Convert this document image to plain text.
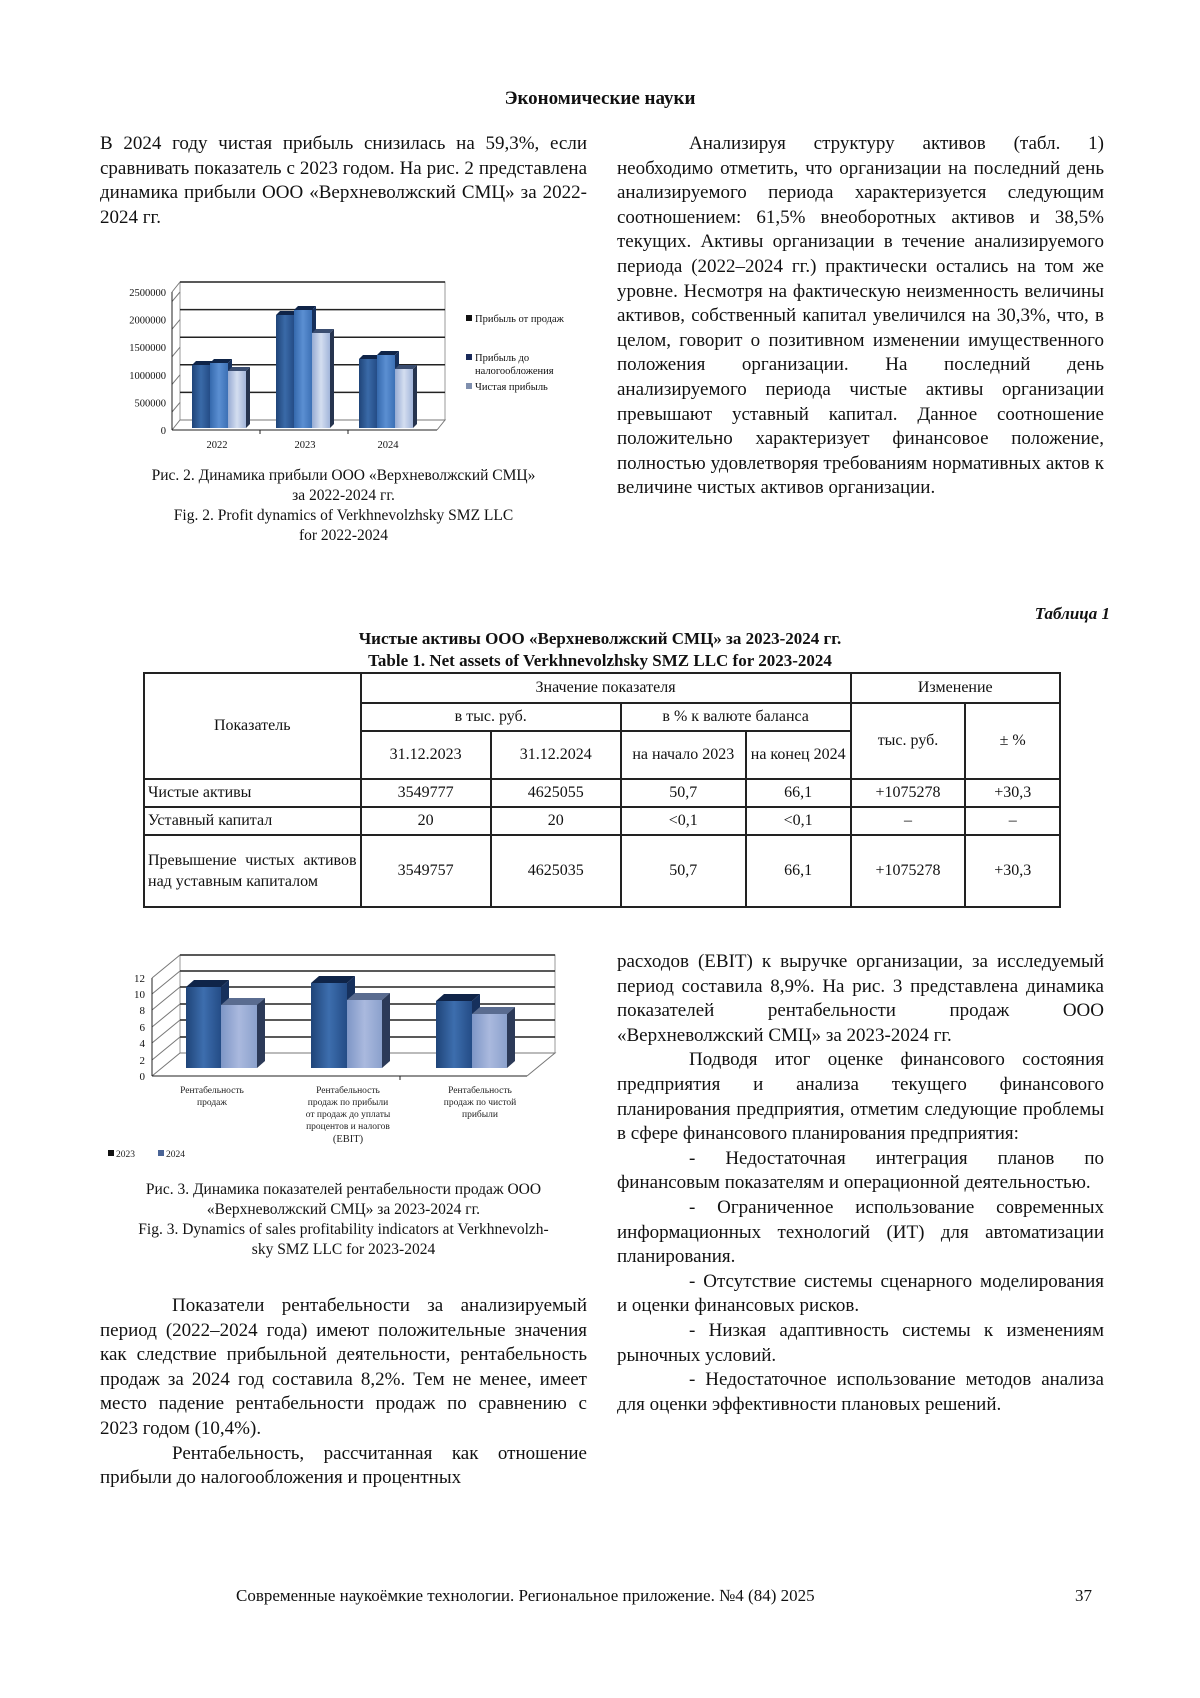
Экономические науки

В 2024 году чистая прибыль снизилась на 59,3%, если сравнивать показатель с 2023 годом. На рис. 2 представлена динамика прибыли ООО «Верхневолжский СМЦ» за 2022-2024 гг.

2500000
2000000
1500000
1000000
500000
0
2022	2023	2024
Прибыль от продаж
Прибыль до
налогообложения
Чистая прибыль
Рис. 2. Динамика прибыли ООО «Верхневолжский СМЦ»
за 2022-2024 гг.
Fig. 2. Profit dynamics of Verkhnevolzhsky SMZ LLC
for 2022-2024

Анализируя структуру активов (табл. 1) необходимо отметить, что организации на последний день анализируемого периода характеризуется следующим соотношением: 61,5% внеоборотных активов и 38,5% текущих. Активы организации в течение анализируемого периода (2022–2024 гг.) практически остались на том же уровне. Несмотря на фактическую неизменность величины активов, собственный капитал увеличился на 30,3%, что, в целом, говорит о позитивном изменении имущественного положения организации. На последний день анализируемого периода чистые активы организации превышают уставный капитал. Данное соотношение положительно характеризует финансовое положение, полностью удовлетворяя требованиям нормативных актов к величине чистых активов организации.

Таблица 1
Чистые активы ООО «Верхневолжский СМЦ» за 2023-2024 гг.
Table 1. Net assets of Verkhnevolzhsky SMZ LLC for 2023-2024
Показатель	Значение показателя				Изменение	
	в тыс. руб.		в % к валюте баланса		тыс. руб.	± %
	31.12.2023	31.12.2024	на начало 2023	на конец 2024		
Чистые активы	3549777	4625055	50,7	66,1	+1075278	+30,3
Уставный капитал	20	20	<0,1	<0,1	–	–
Превышение чистых активов над уставным капиталом	3549757	4625035	50,7	66,1	+1075278	+30,3
12
10
8
6
4
2
0
Рентабельность
продаж
Рентабельность
продаж по прибыли
от продаж до уплаты
процентов и налогов
(EBIT)
Рентабельность
продаж по чистой
прибыли
2023	2024
Рис. 3. Динамика показателей рентабельности продаж ООО
«Верхневолжский СМЦ» за 2023-2024 гг.
Fig. 3. Dynamics of sales profitability indicators at Verkhnevolzh-
sky SMZ LLC for 2023-2024

Показатели рентабельности за анализируемый период (2022–2024 года) имеют положительные значения как следствие прибыльной деятельности, рентабельность продаж за 2024 год составила 8,2%. Тем не менее, имеет место падение рентабельности продаж по сравнению с 2023 годом (10,4%).

Рентабельность, рассчитанная как отношение прибыли до налогообложения и процентных

расходов (EBIT) к выручке организации, за исследуемый период составила 8,9%. На рис. 3 представлена динамика показателей рентабельности продаж ООО «Верхневолжский СМЦ» за 2023-2024 гг.

Подводя итог оценке финансового состояния предприятия и анализа текущего финансового планирования предприятия, отметим следующие проблемы в сфере финансового планирования предприятия:

- Недостаточная интеграция планов по финансовым показателям и операционной деятельностью.

- Ограниченное использование современных информационных технологий (ИТ) для автоматизации планирования.

- Отсутствие системы сценарного моделирования и оценки финансовых рисков.

- Низкая адаптивность системы к изменениям рыночных условий.

- Недостаточное использование методов анализа для оценки эффективности плановых решений.

Современные наукоёмкие технологии. Региональное приложение. №4 (84) 2025	37
